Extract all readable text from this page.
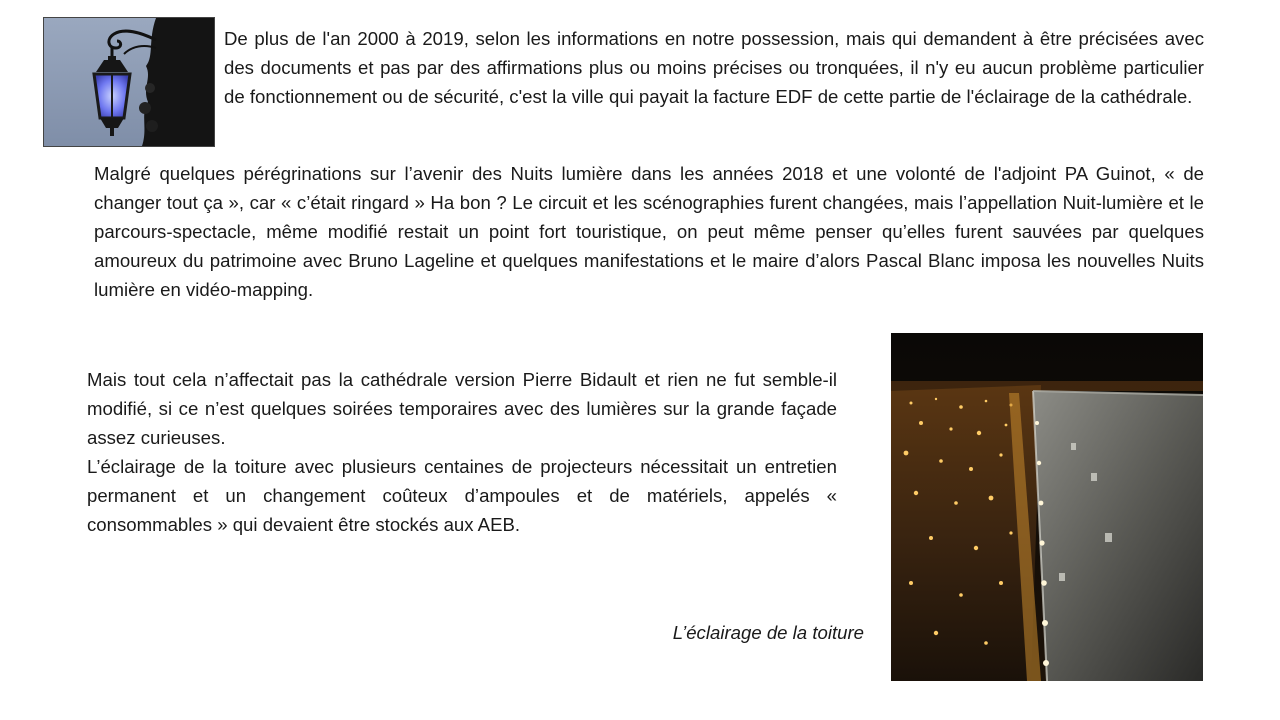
De plus de l'an 2000 à 2019, selon les informations en notre possession, mais qui demandent à être précisées avec des documents et pas par des affirmations plus ou moins précises ou tronquées, il n'y eu aucun problème particulier de fonctionnement ou de sécurité, c'est la ville qui payait la facture EDF de cette partie de l'éclairage de la cathédrale.

Malgré quelques pérégrinations sur l’avenir des Nuits lumière dans les années 2018 et une volonté de l'adjoint PA Guinot, « de changer tout ça », car « c’était ringard » Ha bon ? Le circuit et les scénographies furent changées, mais l’appellation Nuit-lumière et le parcours-spectacle, même modifié restait un point fort touristique, on peut même penser qu’elles furent sauvées par quelques amoureux du patrimoine avec Bruno Lageline et quelques manifestations et le maire d’alors Pascal Blanc imposa les nouvelles Nuits lumière en vidéo-mapping.

Mais tout cela n’affectait pas la cathédrale version Pierre Bidault et rien ne fut semble-il modifié, si ce n’est quelques soirées temporaires avec des lumières sur la grande façade assez curieuses.
L’éclairage de la toiture avec plusieurs centaines de projecteurs nécessitait un entretien permanent et un changement coûteux d’ampoules et de matériels, appelés « consommables » qui devaient être stockés aux AEB.
L’éclairage de la toiture
